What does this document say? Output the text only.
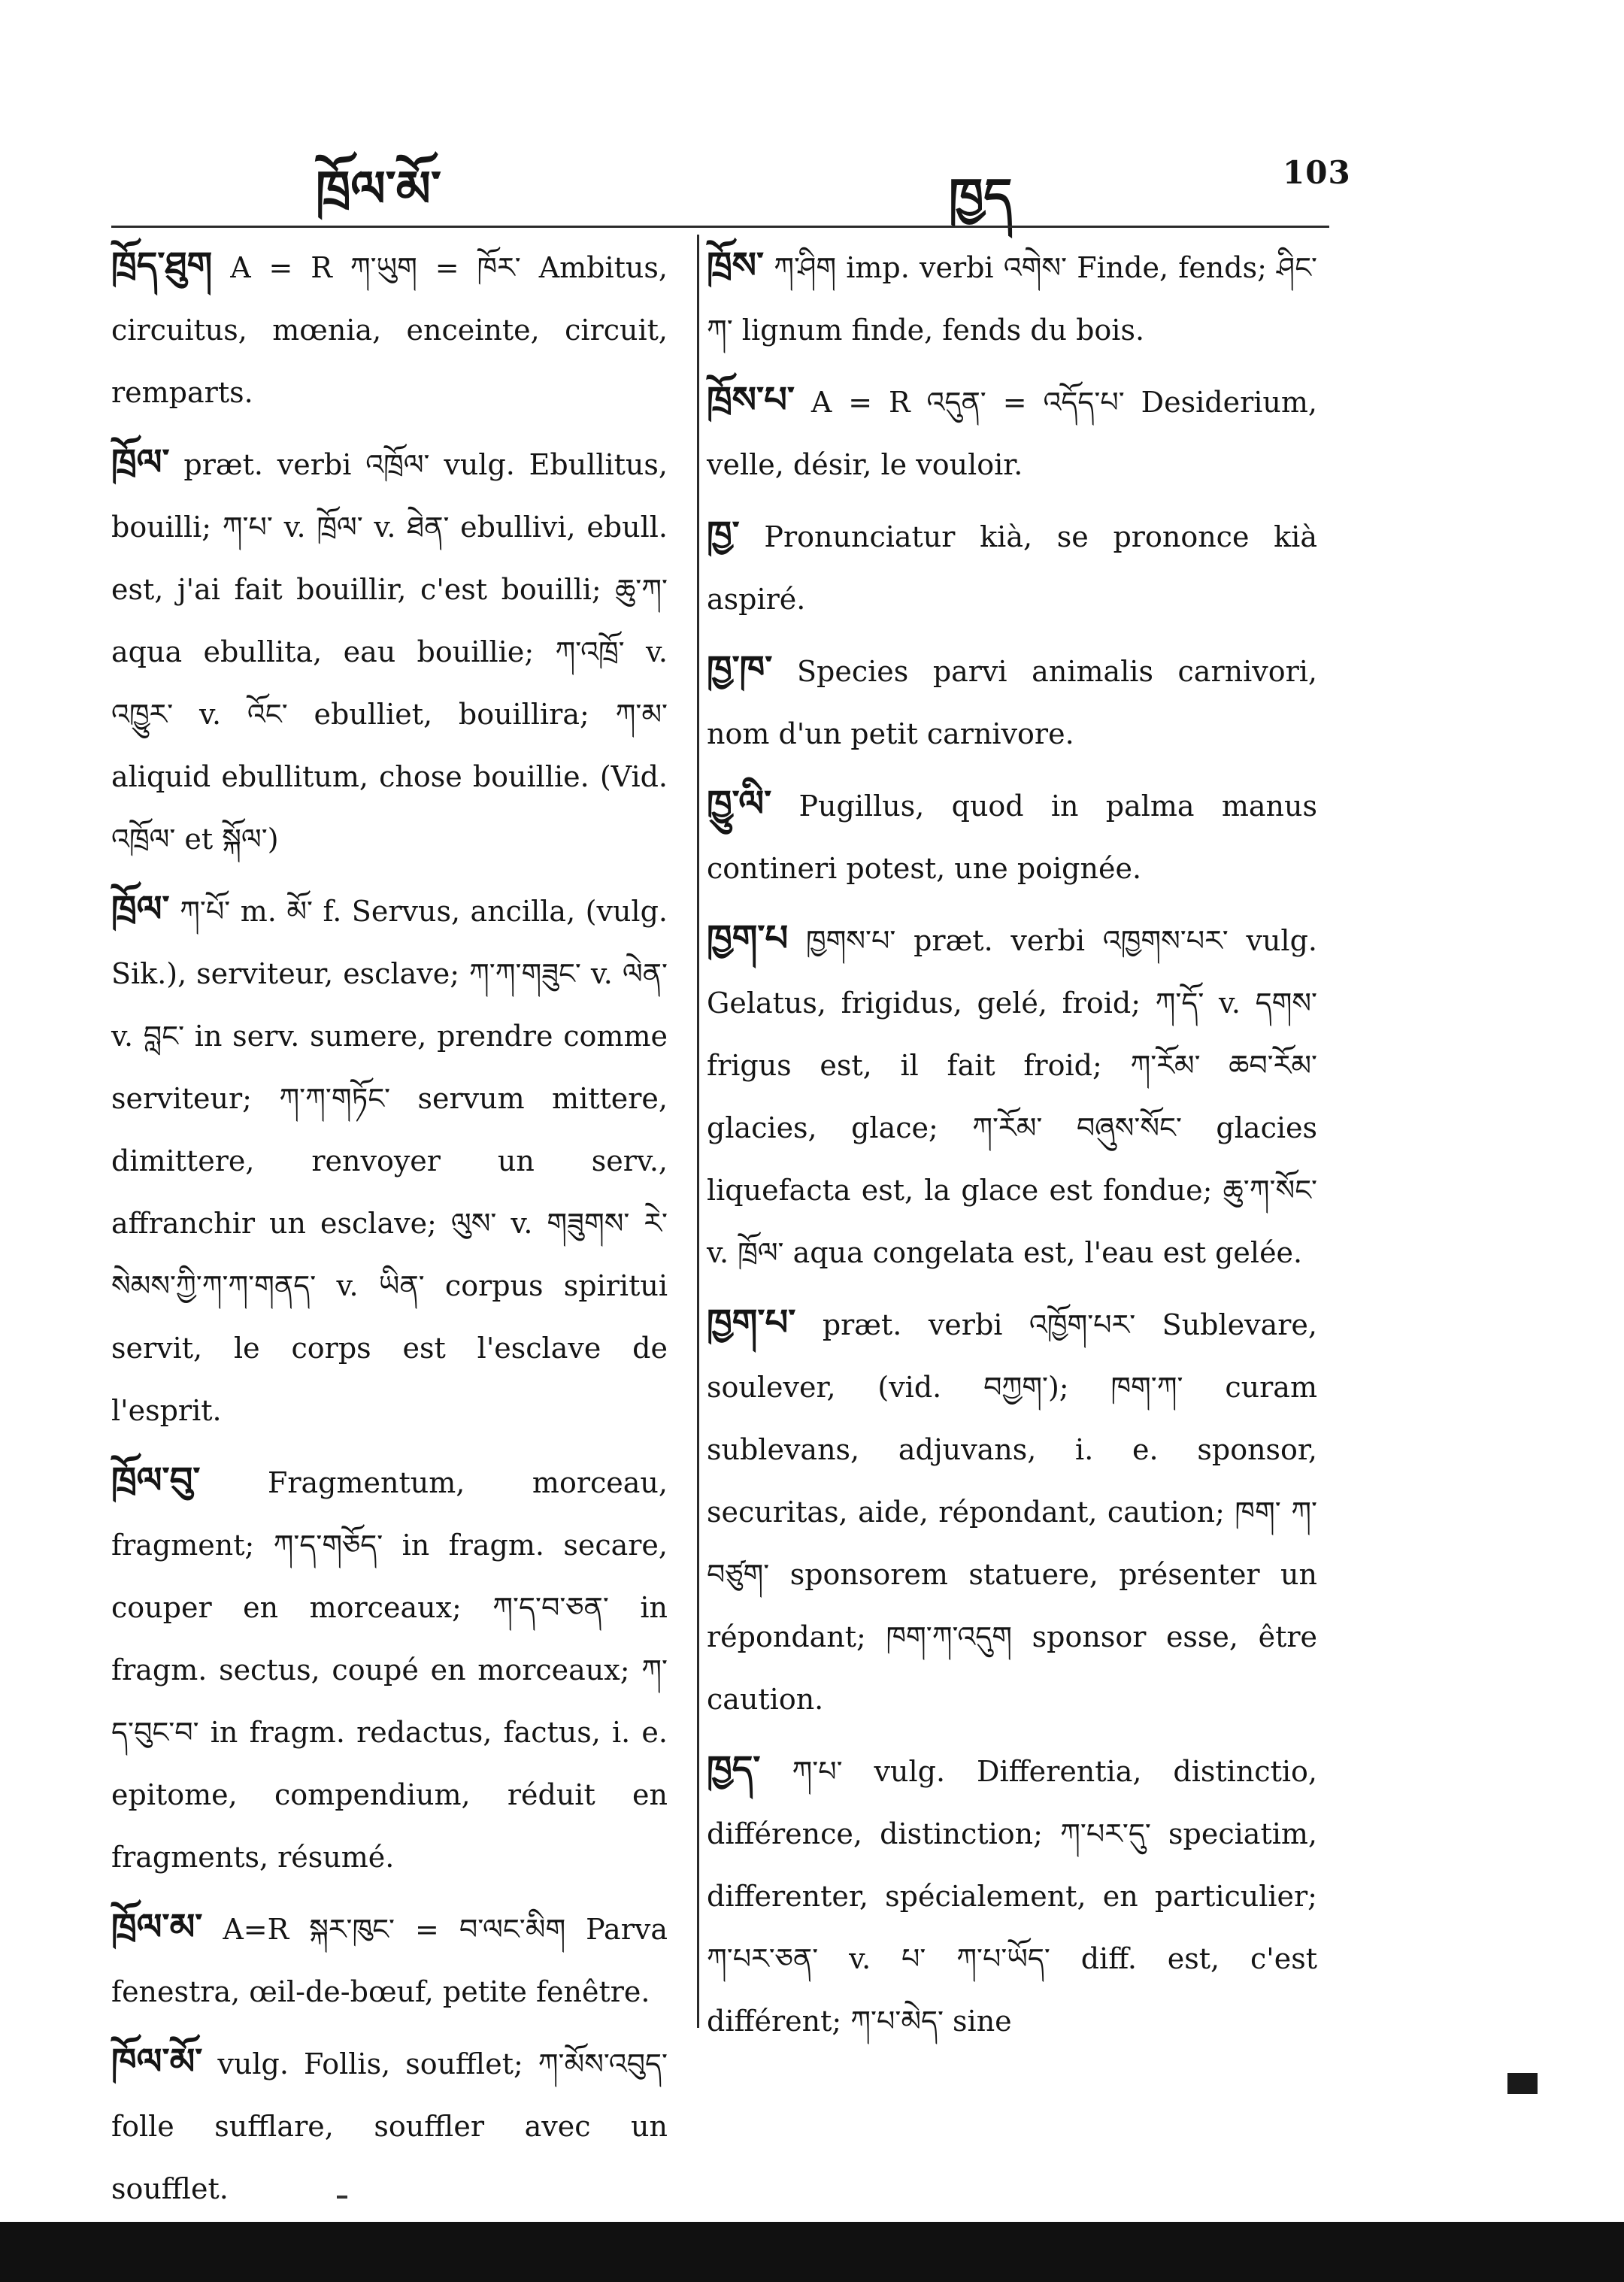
ཁྲོལ་མོ་	ཁྱད	103
ཁྲོད་ཐུག A = R ཀ་ཡུག = ཁོར་ Ambitus, circuitus, mœnia, enceinte, circuit, remparts.
ཁྲོལ་ præt. verbi འཁྲོལ་ vulg. Ebullitus, bouilli; ཀ་པ་ v. ཁྲོལ་ v. ཐེན་ ebullivi, ebull. est, j'ai fait bouillir, c'est bouilli; ཆུ་ཀ་ aqua ebullita, eau bouillie; ཀ་འཁྲོ་ v. འཁྱུར་ v. འོང་ ebulliet, bouillira; ཀ་མ་ aliquid ebullitum, chose bouillie. (Vid. འཁྲོལ་ et སྐོལ་)
ཁྲོལ་ ཀ་པོ་ m. མོ་ f. Servus, ancilla, (vulg. Sik.), serviteur, esclave; ཀ་ཀ་གཟུང་ v. ལེན་ v. བླང་ in serv. sumere, prendre comme serviteur; ཀ་ཀ་གཏོང་ servum mittere, dimittere, renvoyer un serv., affranchir un esclave; ལུས་ v. གཟུགས་ རེ་སེམས་ཀྱི་ཀ་ཀ་གནད་ v. ཡིན་ corpus spiritui servit, le corps est l'esclave de l'esprit.
ཁྲོལ་བུ་ Fragmentum, morceau, fragment; ཀ་ད་གཅོད་ in fragm. secare, couper en morceaux; ཀ་ད་བ་ཅན་ in fragm. sectus, coupé en morceaux; ཀ་ད་བུང་བ་ in fragm. redactus, factus, i. e. epitome, compendium, réduit en fragments, résumé.
ཁྲོལ་མ་ A=R སྐར་ཁུང་ = བ་ལང་མིག Parva fenestra, œil-de-bœuf, petite fenêtre.
ཁོལ་མོ་ vulg. Follis, soufflet; ཀ་མོས་འབུད་ folle sufflare, souffler avec un soufflet.
ཁྲོས་ ཀ་ཤིག imp. verbi འགེས་ Finde, fends; ཤིང་ཀ་ lignum finde, fends du bois.
ཁྲོས་པ་ A = R འདུན་ = འདོད་པ་ Desiderium, velle, désir, le vouloir.
ཁྱ་ Pronunciatur kià, se prononce kià aspiré.
ཁྱ་ཁ་ Species parvi animalis carnivori, nom d'un petit carnivore.
ཁྱུ་ལི་ Pugillus, quod in palma manus contineri potest, une poignée.
ཁྱག་པ ཁྱགས་པ་ præt. verbi འཁྱགས་པར་ vulg. Gelatus, frigidus, gelé, froid; ཀ་དོ་ v. དགས་ frigus est, il fait froid; ཀ་རོམ་ ཆབ་རོམ་ glacies, glace; ཀ་རོམ་ བཞུས་སོང་ glacies liquefacta est, la glace est fondue; ཆུ་ཀ་སོང་ v. ཁྲོལ་ aqua congelata est, l'eau est gelée.
ཁྱག་པ་ præt. verbi འཁྱོག་པར་ Sublevare, soulever, (vid. བཀྱག་); ཁག་ཀ་ curam sublevans, adjuvans, i. e. sponsor, securitas, aide, répondant, caution; ཁག་ ཀ་བཙུག་ sponsorem statuere, présenter un répondant; ཁག་ཀ་འདུག sponsor esse, être caution.
ཁྱད་ ཀ་པ་ vulg. Differentia, distinctio, différence, distinction; ཀ་པར་དུ་ speciatim, differenter, spécialement, en particulier; ཀ་པར་ཅན་ v. པ་ ཀ་པ་ཡོད་ diff. est, c'est différent; ཀ་པ་མེད་ sine
